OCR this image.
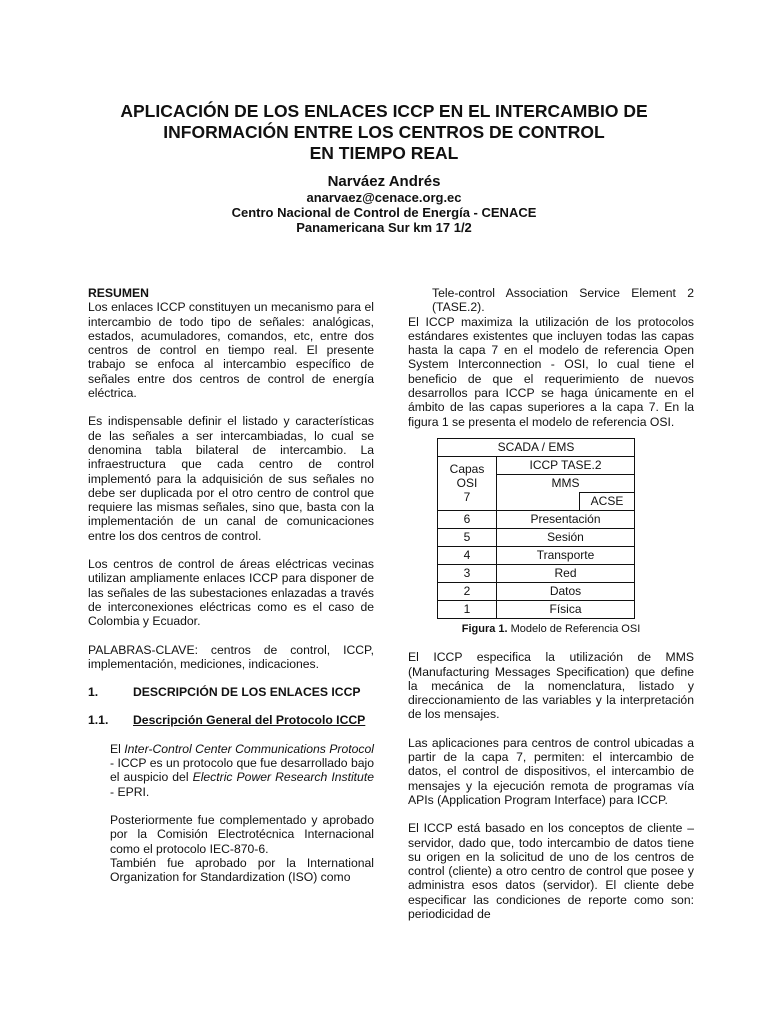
APLICACIÓN DE LOS ENLACES ICCP EN EL INTERCAMBIO DE
INFORMACIÓN ENTRE LOS CENTROS DE CONTROL
EN TIEMPO REAL
Narváez Andrés
anarvaez@cenace.org.ec
Centro Nacional de Control de Energía - CENACE
Panamericana Sur km 17 1/2

RESUMEN

Los enlaces ICCP constituyen un mecanismo para el intercambio de todo tipo de señales: analógicas, estados, acumuladores, comandos, etc, entre dos centros de control en tiempo real. El presente trabajo se enfoca al intercambio específico de señales entre dos centros de control de energía eléctrica.

Es indispensable definir el listado y características de las señales a ser intercambiadas, lo cual se denomina tabla bilateral de intercambio. La infraestructura que cada centro de control implementó para la adquisición de sus señales no debe ser duplicada por el otro centro de control que requiere las mismas señales, sino que, basta con la implementación de un canal de comunicaciones entre los dos centros de control.

Los centros de control de áreas eléctricas vecinas utilizan ampliamente enlaces ICCP para disponer de las señales de las subestaciones enlazadas a través de interconexiones eléctricas como es el caso de Colombia y Ecuador.

PALABRAS-CLAVE: centros de control, ICCP, implementación, mediciones, indicaciones.

1.	DESCRIPCIÓN DE LOS ENLACES ICCP
1.1.	Descripción General del Protocolo ICCP

El Inter-Control Center Communications Protocol - ICCP es un protocolo que fue desarrollado bajo el auspicio del Electric Power Research Institute - EPRI.

Posteriormente fue complementado y aprobado por la Comisión Electrotécnica Internacional como el protocolo IEC-870-6.

También fue aprobado por la International Organization for Standardization (ISO) como

Tele-control Association Service Element 2 (TASE.2).

El ICCP maximiza la utilización de los protocolos estándares existentes que incluyen todas las capas hasta la capa 7 en el modelo de referencia Open System Interconnection - OSI, lo cual tiene el beneficio de que el requerimiento de nuevos desarrollos para ICCP se haga únicamente en el ámbito de las capas superiores a la capa 7. En la figura 1 se presenta el modelo de referencia OSI.

SCADA / EMS		

Capas
OSI
7	ICCP TASE.2	
	MMS	
		ACSE
6	Presentación	
5	Sesión	
4	Transporte	
3	Red	
2	Datos	
1	Física	
Figura 1. Modelo de Referencia OSI

El ICCP especifica la utilización de MMS (Manufacturing Messages Specification) que define la mecánica de la nomenclatura, listado y direccionamiento de las variables y la interpretación de los mensajes.

Las aplicaciones para centros de control ubicadas a partir de la capa 7, permiten: el intercambio de datos, el control de dispositivos, el intercambio de mensajes y la ejecución remota de programas vía APIs (Application Program Interface) para ICCP.

El ICCP está basado en los conceptos de cliente – servidor, dado que, todo intercambio de datos tiene su origen en la solicitud de uno de los centros de control (cliente) a otro centro de control que posee y administra esos datos (servidor). El cliente debe especificar las condiciones de reporte como son: periodicidad de
